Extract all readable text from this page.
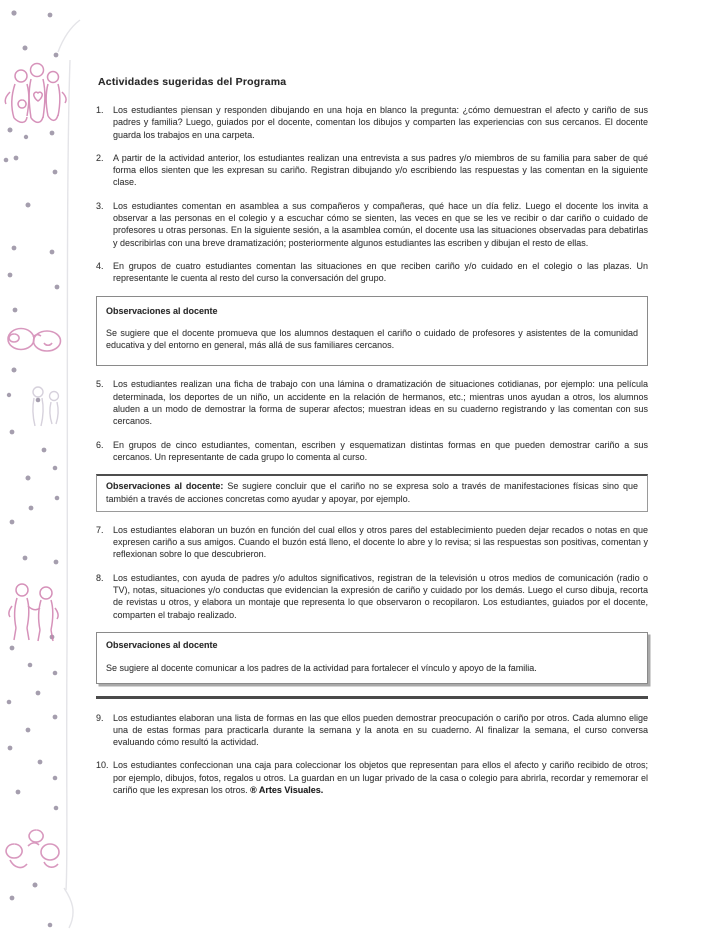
Actividades sugeridas del Programa
1.	Los estudiantes piensan y responden dibujando en una hoja en blanco la pregunta: ¿cómo demuestran el afecto y cariño de sus padres y familia? Luego, guiados por el docente, comentan los dibujos y comparten las experiencias con sus cercanos. El docente guarda los trabajos en una carpeta.
2.	A partir de la actividad anterior, los estudiantes realizan una entrevista a sus padres y/o miembros de su familia para saber de qué forma ellos sienten que les expresan su cariño. Registran dibujando y/o escribiendo las respuestas y las comentan en la siguiente clase.
3.	Los estudiantes comentan en asamblea a sus compañeros y compañeras, qué hace un día feliz. Luego el docente los invita a observar a las personas en el colegio y a escuchar cómo se sienten, las veces en que se les ve recibir o dar cariño o cuidado de profesores u otras personas. En la siguiente sesión, a la asamblea común, el docente usa las situaciones observadas para debatirlas y describirlas con una breve dramatización; posteriormente algunos estudiantes las escriben y dibujan el resto de ellas.
4.	En grupos de cuatro estudiantes comentan las situaciones en que reciben cariño y/o cuidado en el colegio o las plazas. Un representante le cuenta al resto del curso la conversación del grupo.
Observaciones al docente
Se sugiere que el docente promueva que los alumnos destaquen el cariño o cuidado de profesores y asistentes de la comunidad educativa y del entorno en general, más allá de sus familiares cercanos.
5.	Los estudiantes realizan una ficha de trabajo con una lámina o dramatización de situaciones cotidianas, por ejemplo: una película determinada, los deportes de un niño, un accidente en la relación de hermanos, etc.; mientras unos ayudan a otros, los alumnos aluden a un modo de demostrar la forma de superar afectos; muestran ideas en su cuaderno registrando y las comentan con sus cercanos.
6.	En grupos de cinco estudiantes, comentan, escriben y esquematizan distintas formas en que pueden demostrar cariño a sus cercanos. Un representante de cada grupo lo comenta al curso.
Observaciones al docente: Se sugiere concluir que el cariño no se expresa solo a través de manifestaciones físicas sino que también a través de acciones concretas como ayudar y apoyar, por ejemplo.
7.	Los estudiantes elaboran un buzón en función del cual ellos y otros pares del establecimiento pueden dejar recados o notas en que expresen cariño a sus amigos. Cuando el buzón está lleno, el docente lo abre y lo revisa; si las respuestas son positivas, comentan y reflexionan sobre lo que descubrieron.
8.	Los estudiantes, con ayuda de padres y/o adultos significativos, registran de la televisión u otros medios de comunicación (radio o TV), notas, situaciones y/o conductas que evidencian la expresión de cariño y cuidado por los demás. Luego el curso dibuja, recorta de revistas u otros, y elabora un montaje que representa lo que observaron o recopilaron. Los estudiantes, guiados por el docente, comparten el trabajo realizado.
Observaciones al docente
Se sugiere al docente comunicar a los padres de la actividad para fortalecer el vínculo y apoyo de la familia.
9.	Los estudiantes elaboran una lista de formas en las que ellos pueden demostrar preocupación o cariño por otros. Cada alumno elige una de estas formas para practicarla durante la semana y la anota en su cuaderno. Al finalizar la semana, el curso conversa evaluando cómo resultó la actividad.
10. Los estudiantes confeccionan una caja para coleccionar los objetos que representan para ellos el afecto y cariño recibido de otros; por ejemplo, dibujos, fotos, regalos u otros. La guardan en un lugar privado de la casa o colegio para abrirla, recordar y rememorar el cariño que les expresan los otros. ® Artes Visuales.
